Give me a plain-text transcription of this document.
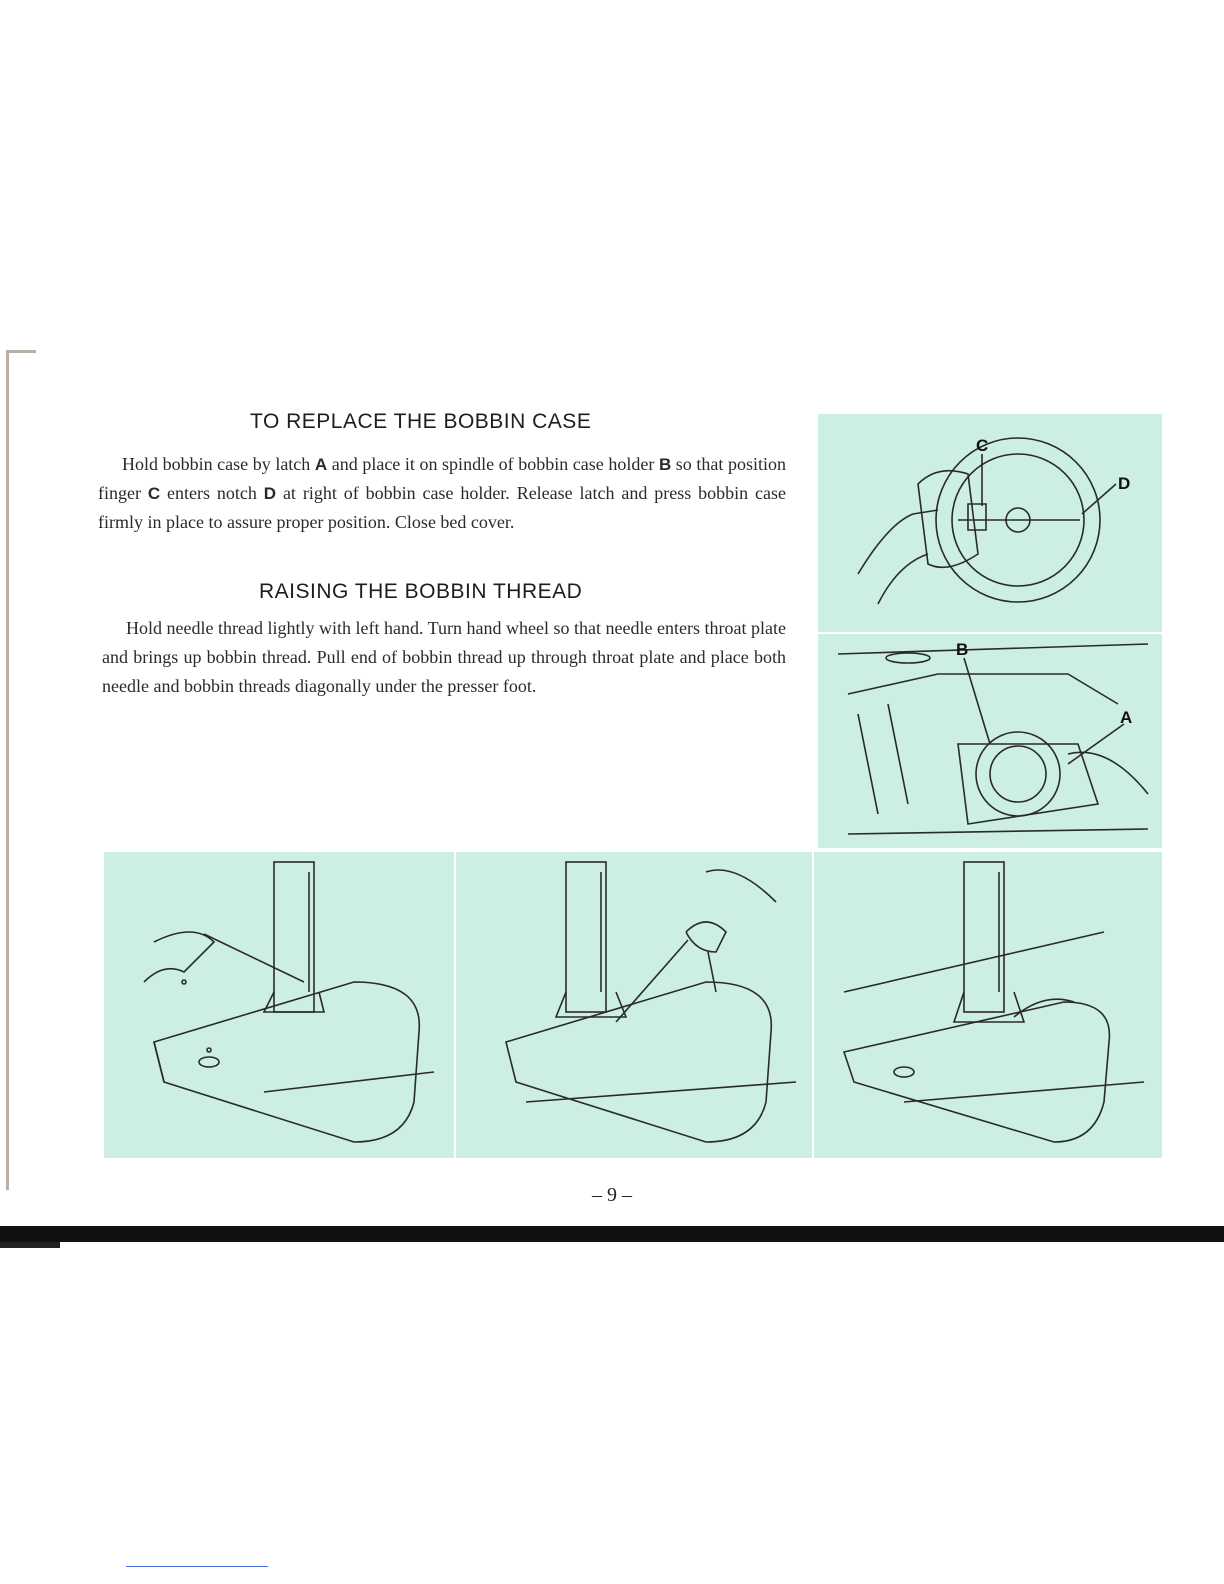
TO REPLACE THE BOBBIN CASE

Hold bobbin case by latch A and place it on spindle of bobbin case holder B so that position finger C enters notch D at right of bobbin case holder. Release latch and press bobbin case firmly in place to assure proper position. Close bed cover.

RAISING THE BOBBIN THREAD

Hold needle thread lightly with left hand. Turn hand wheel so that needle enters throat plate and brings up bobbin thread. Pull end of bobbin thread up through throat plate and place both needle and bobbin threads diagonally under the presser foot.

C
D
B
A
– 9 –
